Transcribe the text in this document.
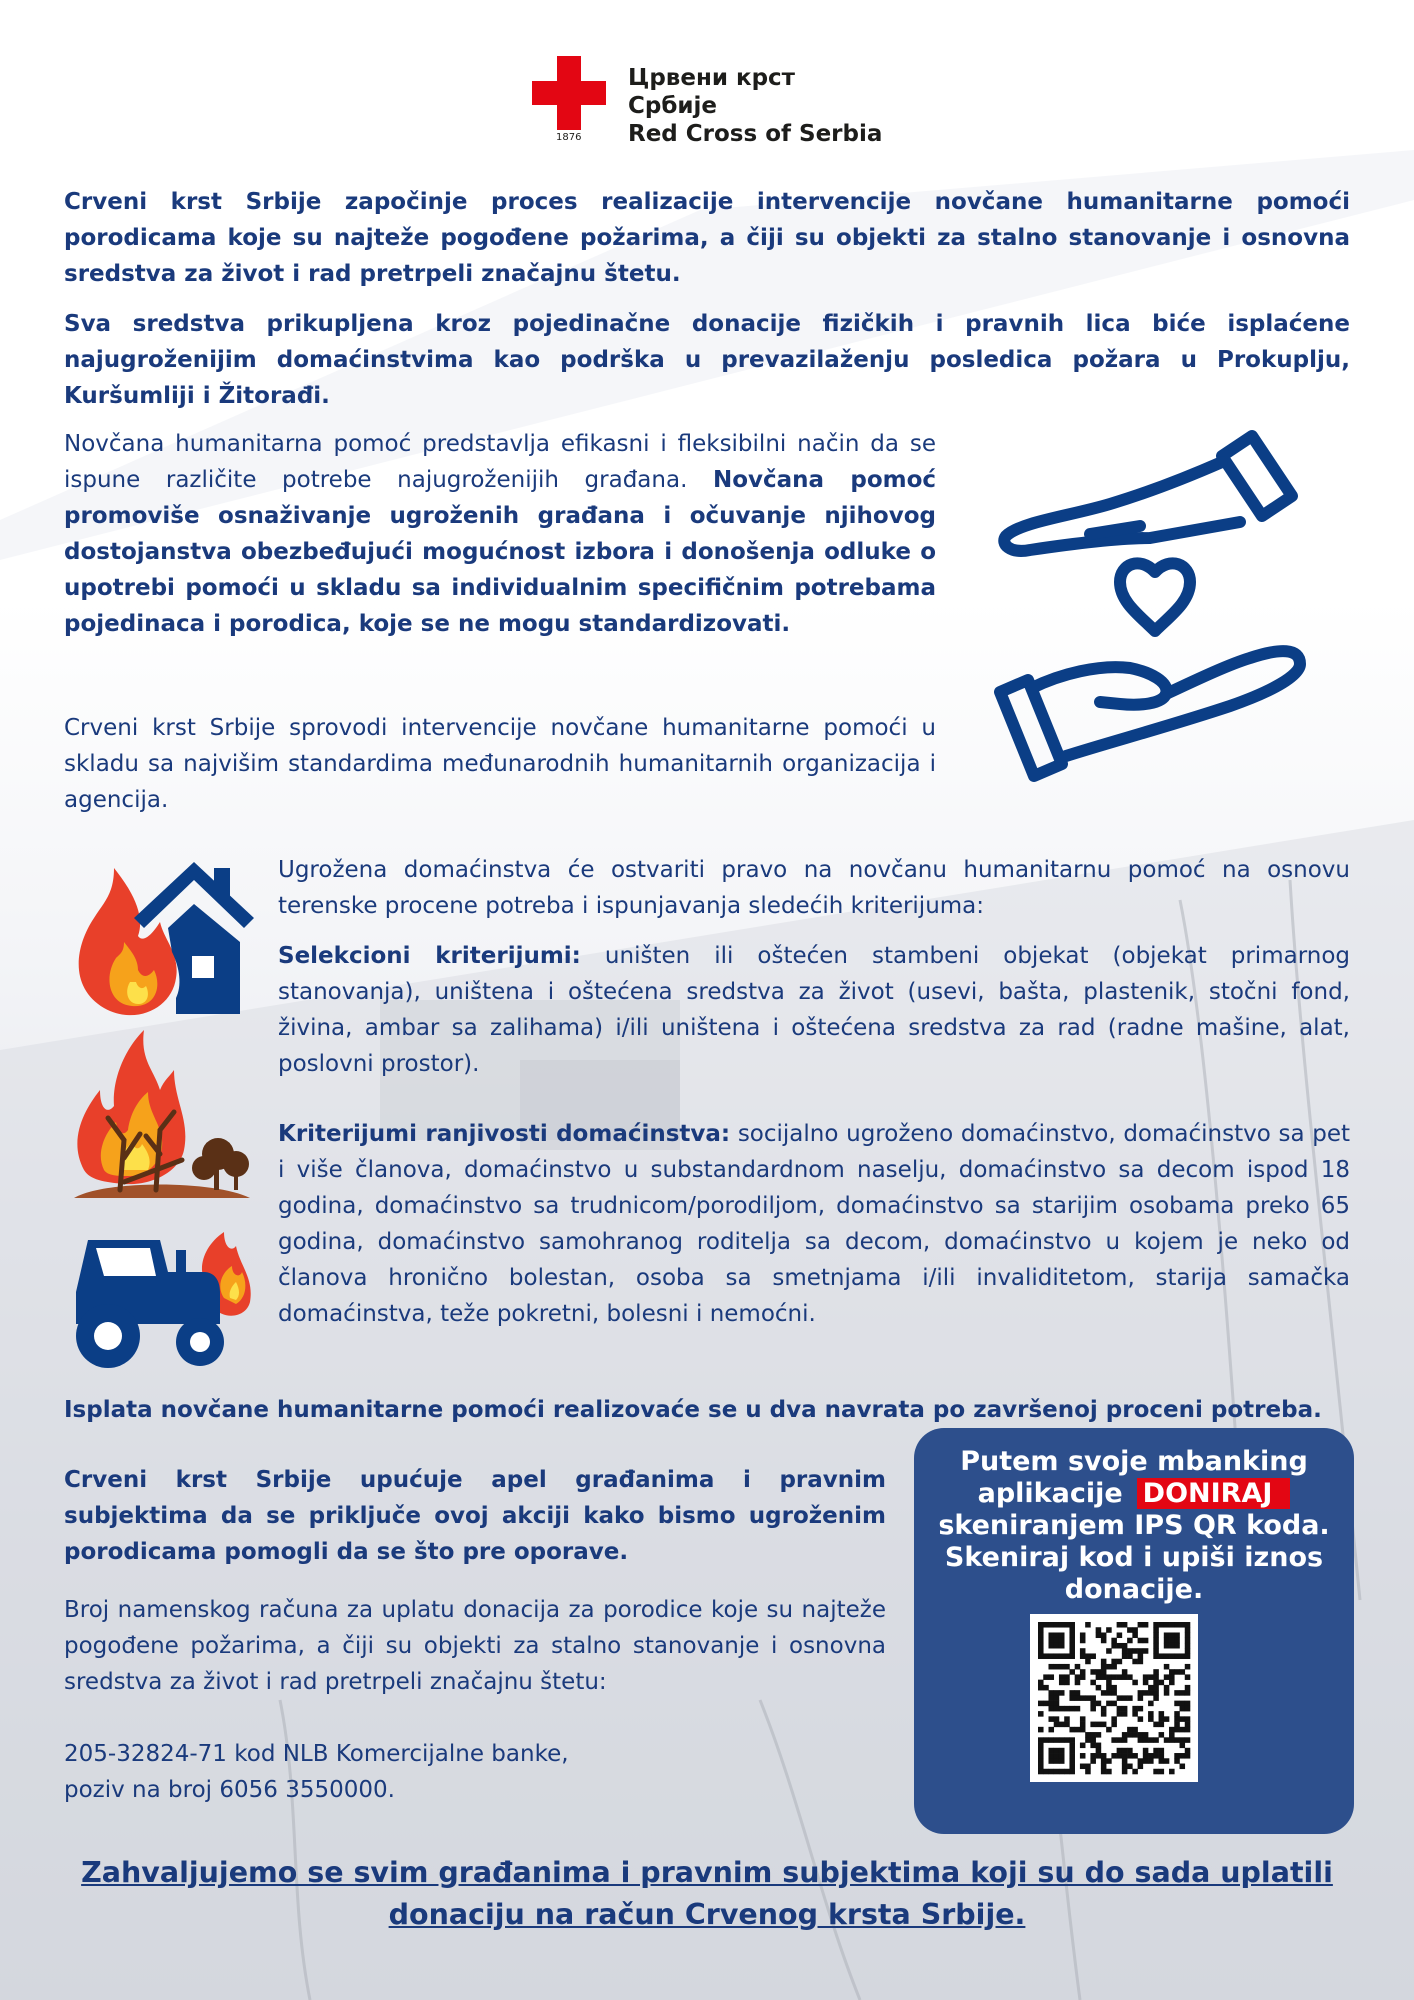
Црвени крст Србије
Red Cross of Serbia
1876

Crveni krst Srbije započinje proces realizacije intervencije novčane humanitarne pomoći porodicama koje su najteže pogođene požarima, a čiji su objekti za stalno stanovanje i osnovna sredstva za život i rad pretrpeli značajnu štetu.

Sva sredstva prikupljena kroz pojedinačne donacije fizičkih i pravnih lica biće isplaćene najugroženijim domaćinstvima kao podrška u prevazilaženju posledica požara u Prokuplju, Kuršumliji i Žitorađi.

Novčana humanitarna pomoć predstavlja efikasni i fleksibilni način da se ispune različite potrebe najugroženijih građana. Novčana pomoć promoviše osnaživanje ugroženih građana i očuvanje njihovog dostojanstva obezbeđujući mogućnost izbora i donošenja odluke o upotrebi pomoći u skladu sa individualnim specifičnim potrebama pojedinaca i porodica, koje se ne mogu standardizovati.

Crveni krst Srbije sprovodi intervencije novčane humanitarne pomoći u skladu sa najvišim standardima međunarodnih humanitarnih organizacija i agencija.

Ugrožena domaćinstva će ostvariti pravo na novčanu humanitarnu pomoć na osnovu terenske procene potreba i ispunjavanja sledećih kriterijuma:

Selekcioni kriterijumi: uništen ili oštećen stambeni objekat (objekat primarnog stanovanja), uništena i oštećena sredstva za život (usevi, bašta, plastenik, stočni fond, živina, ambar sa zalihama) i/ili uništena i oštećena sredstva za rad (radne mašine, alat, poslovni prostor).

Kriterijumi ranjivosti domaćinstva: socijalno ugroženo domaćinstvo, domaćinstvo sa pet i više članova, domaćinstvo u substandardnom naselju, domaćinstvo sa decom ispod 18 godina, domaćinstvo sa trudnicom/porodiljom, domaćinstvo sa starijim osobama preko 65 godina, domaćinstvo samohranog roditelja sa decom, domaćinstvo u kojem je neko od članova hronično bolestan, osoba sa smetnjama i/ili invaliditetom, starija samačka domaćinstva, teže pokretni, bolesni i nemoćni.

Isplata novčane humanitarne pomoći realizovaće se u dva navrata po završenoj proceni potreba.

Crveni krst Srbije upućuje apel građanima i pravnim subjektima da se priključe ovoj akciji kako bismo ugroženim porodicama pomogli da se što pre oporave.

Broj namenskog računa za uplatu donacija za porodice koje su najteže pogođene požarima, a čiji su objekti za stalno stanovanje i osnovna sredstva za život i rad pretrpeli značajnu štetu:

205-32824-71 kod NLB Komercijalne banke,
poziv na broj 6056 3550000.
Putem svoje mbanking
aplikacije DONIRAJ
skeniranjem IPS QR koda.
Skeniraj kod i upiši iznos donacije.
Zahvaljujemo se svim građanima i pravnim subjektima koji su do sada uplatili
donaciju na račun Crvenog krsta Srbije.
